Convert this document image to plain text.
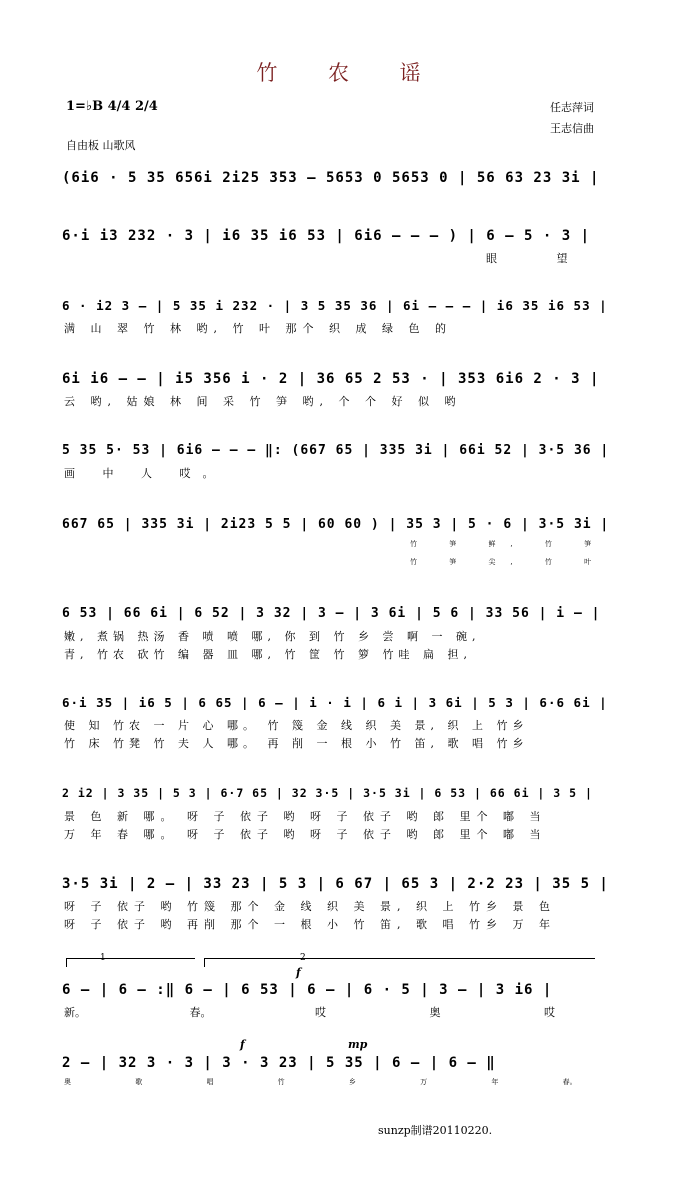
竹 农 谣
1=♭B 4/4 2/4	任志萍词
王志信曲
自由板 山歌风
(6i6 · 5 35 656i 2i25 353 – 5653 0 5653 0 | 56 63 23 3i |
6·i i3 232 · 3 | i6 35 i6 53 | 6i6 – – – ) | 6 – 5 · 3 |
眼 望
6 · i2 3 – | 5 35 i 232 · | 3 5 35 36 | 6i – – – | i6 35 i6 53 |
满 山 翠 竹 林 哟, 竹 叶 那个 织 成 绿 色 的
6i i6 – – | i5 356 i · 2 | 36 65 2 53 · | 353 6i6 2 · 3 |
云 哟, 姑娘 林 间 采 竹 笋 哟, 个 个 好 似 哟
5 35 5· 53 | 6i6 – – – ‖: (667 65 | 335 3i | 66i 52 | 3·5 36 |
画 中 人 哎。
667 65 | 335 3i | 2i23 5 5 | 60 60 ) | 35 3 | 5 · 6 | 3·5 3i |
竹 笋 鲜, 竹 笋
竹 笋 尖, 竹 叶
6 53 | 66 6i | 6 52 | 3 32 | 3 – | 3 6i | 5 6 | 33 56 | i – |
嫩, 煮锅 热汤 香 喷 喷 哪, 你 到 竹 乡 尝 啊 一 碗,
青, 竹农 砍竹 编 器 皿 哪, 竹 筐 竹 箩 竹哇 扁 担,
6·i 35 | i6 5 | 6 65 | 6 – | i · i | 6 i | 3 6i | 5 3 | 6·6 6i |
使 知 竹农 一 片 心 哪。 竹 篾 金 线 织 美 景, 织 上 竹乡
竹 床 竹凳 竹 夫 人 哪。 再 削 一 根 小 竹 笛, 歌 唱 竹乡
2 i2 | 3 35 | 5 3 | 6·7 65 | 32 3·5 | 3·5 3i | 6 53 | 66 6i | 3 5 |
景 色 新 哪。 呀 子 依子 哟 呀 子 依子 哟 郎 里个 嘟 当
万 年 春 哪。 呀 子 依子 哟 呀 子 依子 哟 郎 里个 嘟 当
3·5 3i | 2 – | 33 23 | 5 3 | 6 67 | 65 3 | 2·2 23 | 35 5 |
呀 子 依子 哟 竹篾 那个 金 线 织 美 景, 织 上 竹乡 景 色
呀 子 依子 哟 再削 那个 一 根 小 竹 笛, 歌 唱 竹乡 万 年
1	2
f
6 – | 6 – :‖ 6 – | 6 53 | 6 – | 6 · 5 | 3 – | 3 i6 |
新。 春。 哎 奥 哎
f	mp
2 – | 32 3 · 3 | 3 · 3 23 | 5 35 | 6 – | 6 – ‖
奥 歌 唱 竹 乡 万 年 春。
sunzp制谱20110220.
